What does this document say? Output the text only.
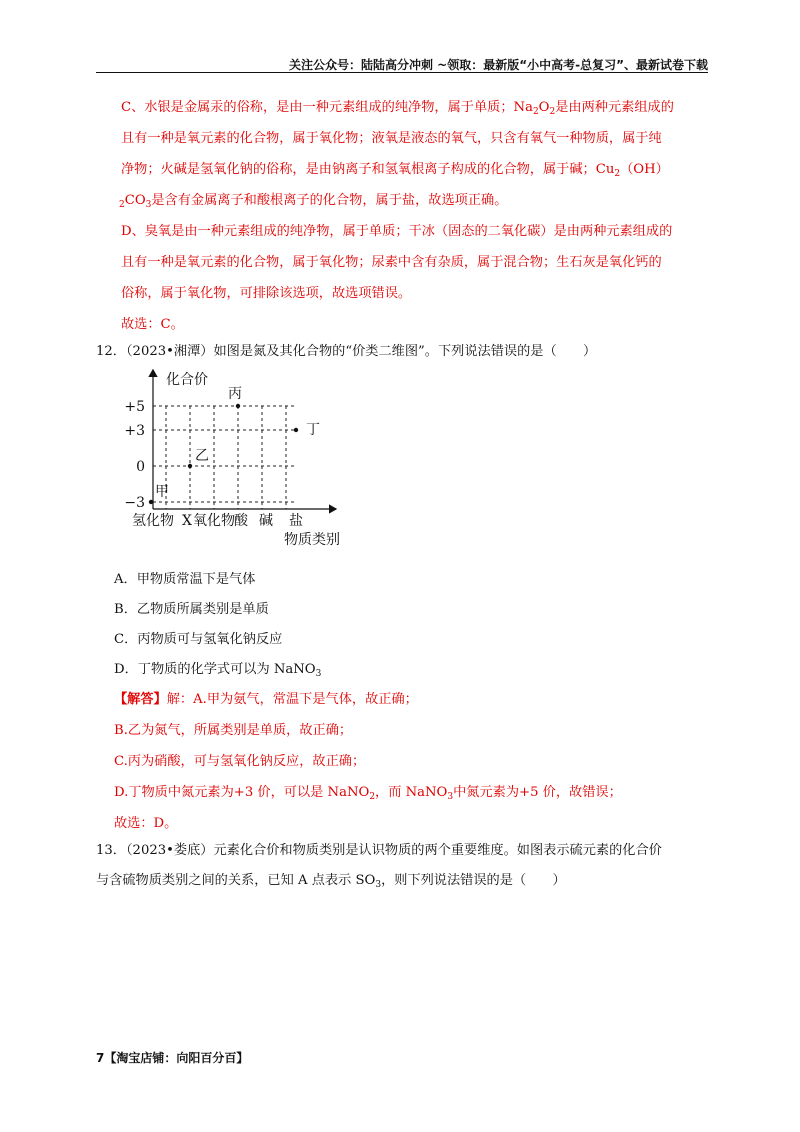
关注公众号：陆陆高分冲刺 ~领取：最新版“小中高考-总复习”、最新试卷下载
C、水银是金属汞的俗称，是由一种元素组成的纯净物，属于单质；$Na_2O_2$是由两种元素组成的
且有一种是氧元素的化合物，属于氧化物；液氧是液态的氧气，只含有氧气一种物质，属于纯
净物；火碱是氢氧化钠的俗称，是由钠离子和氢氧根离子构成的化合物，属于碱；$Cu_2(OH)$
$_2CO_3$是含有金属离子和酸根离子的化合物，属于盐，故选项正确。
D、臭氧是由一种元素组成的纯净物，属于单质；干冰（固态的二氧化碳）是由两种元素组成的
且有一种是氧元素的化合物，属于氧化物；尿素中含有杂质，属于混合物；生石灰是氧化钙的
俗称，属于氧化物，可排除该选项，故选项错误。
故选：C。
12．（2023•湘潭）如图是氮及其化合物的“价类二维图”。下列说法错误的是（　　）
化合价
物质类别
+5
+3
0
−3
氢化物 X 氧化物 酸 碱 盐
甲
乙
丙
丁
A．甲物质常温下是气体
B．乙物质所属类别是单质
C．丙物质可与氢氧化钠反应
D．丁物质的化学式可以为 NaNO$_3$
【解答】解：A.甲为氨气，常温下是气体，故正确；
B.乙为氮气，所属类别是单质，故正确；
C.丙为硝酸，可与氢氧化钠反应，故正确；
D.丁物质中氮元素为+3 价，可以是 NaNO$_2$，而 NaNO$_3$中氮元素为+5 价，故错误；
故选：D。
13．（2023•娄底）元素化合价和物质类别是认识物质的两个重要维度。如图表示硫元素的化合价
与含硫物质类别之间的关系，已知 A 点表示 $SO_3$，则下列说法错误的是（　　）
7【淘宝店铺：向阳百分百】
